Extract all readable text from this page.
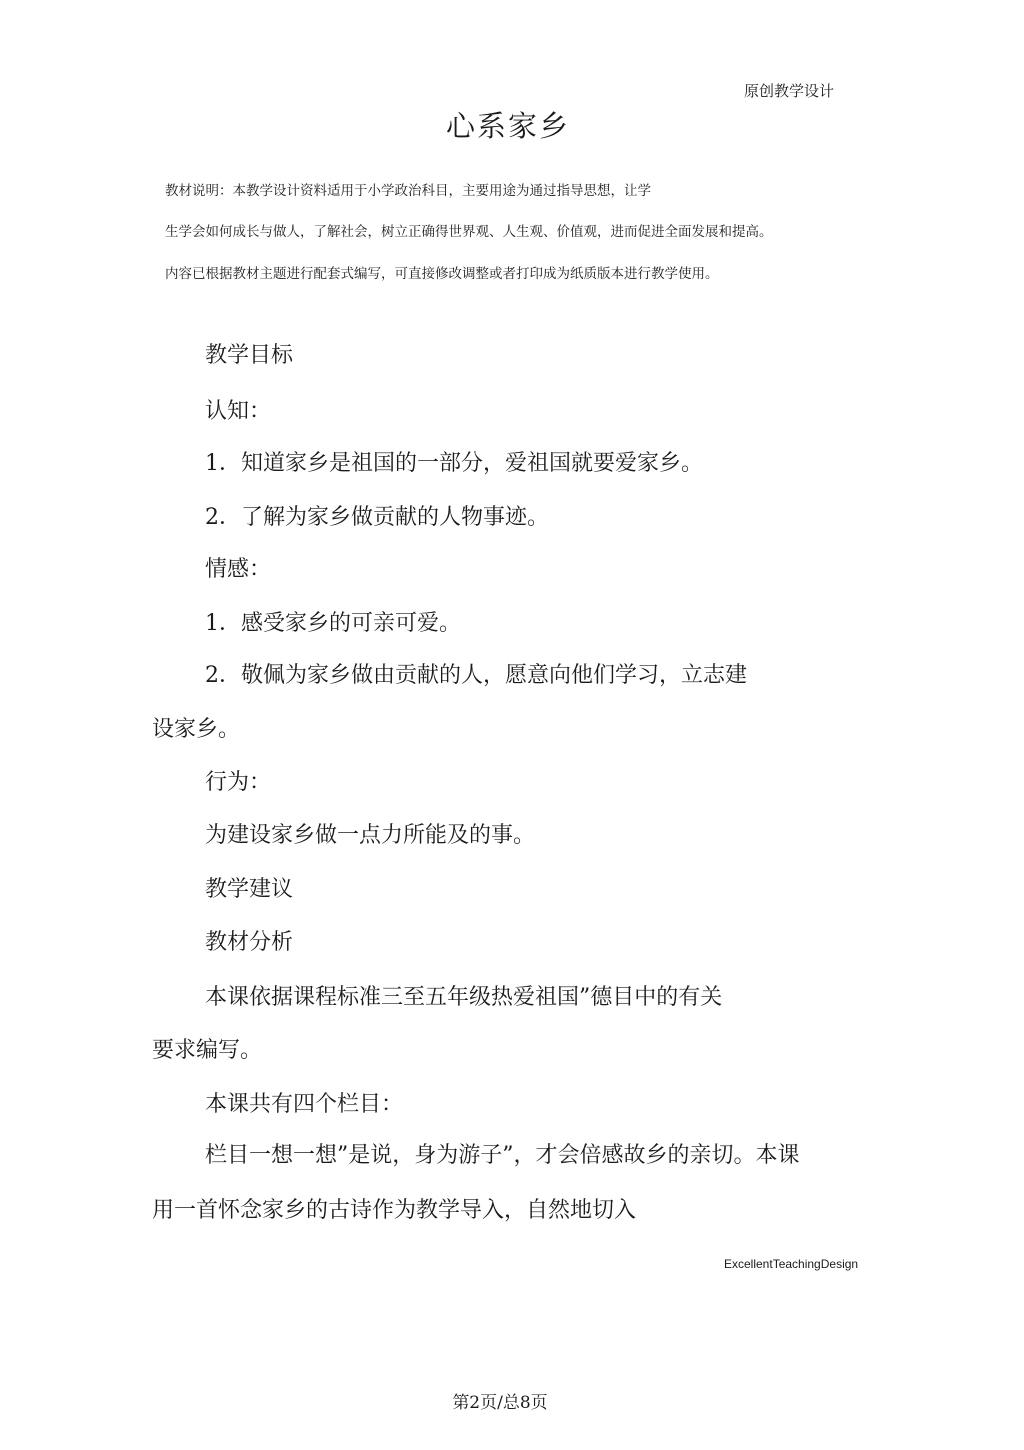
原创教学设计
心系家乡
教材说明：本教学设计资料适用于小学政治科目，主要用途为通过指导思想，让学
生学会如何成长与做人，了解社会，树立正确得世界观、人生观、价值观，进而促进全面发展和提高。
内容已根据教材主题进行配套式编写，可直接修改调整或者打印成为纸质版本进行教学使用。
教学目标
认知：
1．知道家乡是祖国的一部分，爱祖国就要爱家乡。
2．了解为家乡做贡献的人物事迹。
情感：
1．感受家乡的可亲可爱。
2．敬佩为家乡做由贡献的人，愿意向他们学习，立志建
设家乡。
行为：
为建设家乡做一点力所能及的事。
教学建议
教材分析
本课依据课程标准三至五年级热爱祖国”德目中的有关
要求编写。
本课共有四个栏目：
栏目一想一想”是说，身为游子”，才会倍感故乡的亲切。本课
用一首怀念家乡的古诗作为教学导入，自然地切入
ExcellentTeachingDesign
第2页/总8页
